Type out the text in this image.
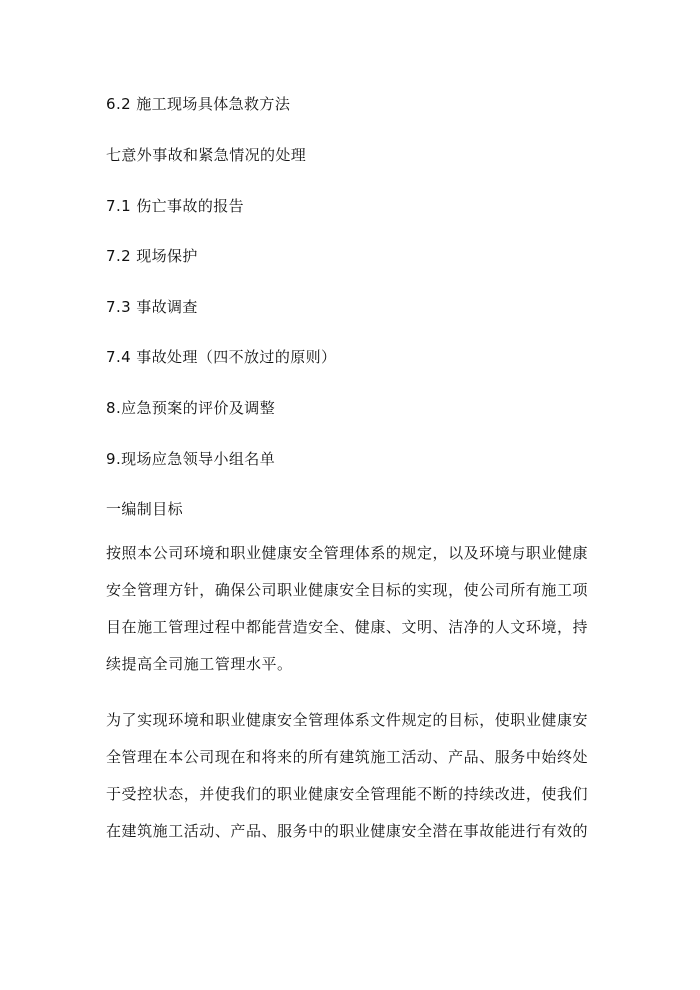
6.2 施工现场具体急救方法
七意外事故和紧急情况的处理
7.1 伤亡事故的报告
7.2 现场保护
7.3 事故调查
7.4 事故处理（四不放过的原则）
8.应急预案的评价及调整
9.现场应急领导小组名单
一编制目标
按照本公司环境和职业健康安全管理体系的规定，以及环境与职业健康
安全管理方针，确保公司职业健康安全目标的实现，使公司所有施工项
目在施工管理过程中都能营造安全、健康、文明、洁净的人文环境，持
续提高全司施工管理水平。
为了实现环境和职业健康安全管理体系文件规定的目标，使职业健康安
全管理在本公司现在和将来的所有建筑施工活动、产品、服务中始终处
于受控状态，并使我们的职业健康安全管理能不断的持续改进，使我们
在建筑施工活动、产品、服务中的职业健康安全潜在事故能进行有效的
